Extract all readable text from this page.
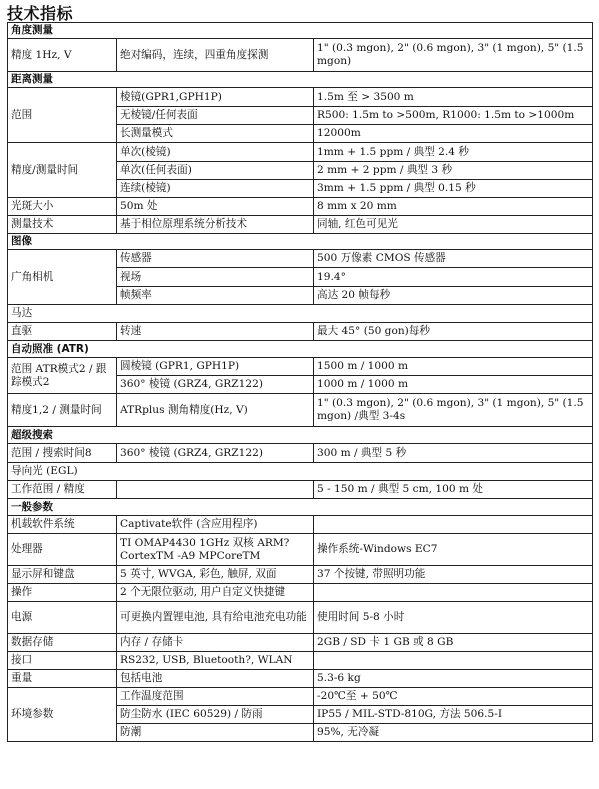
技术指标
角度测量		
精度 1Hz, V	绝对编码，连续，四重角度探测	1" (0.3 mgon), 2" (0.6 mgon), 3" (1 mgon), 5" (1.5 mgon)
距离测量		
范围	棱镜(GPR1,GPH1P)	1.5m 至 > 3500 m
	无棱镜/任何表面	R500: 1.5m to >500m, R1000: 1.5m to >1000m
	长测量模式	12000m
精度/测量时间	单次(棱镜)	1mm + 1.5 ppm / 典型 2.4 秒
	单次(任何表面)	2 mm + 2 ppm / 典型 3 秒
	连续(棱镜)	3mm + 1.5 ppm / 典型 0.15 秒
光斑大小	50m 处	8 mm x 20 mm
测量技术	基于相位原理系统分析技术	同轴, 红色可见光
图像		
广角相机	传感器	500 万像素 CMOS 传感器
	视场	19.4°
	帧频率	高达 20 帧每秒
马达		
直驱	转速	最大 45° (50 gon)每秒
自动照准 (ATR)		
范围 ATR模式2 / 跟踪模式2	圆棱镜 (GPR1, GPH1P)	1500 m / 1000 m
	360° 棱镜 (GRZ4, GRZ122)	1000 m / 1000 m
精度1,2 / 测量时间	ATRplus 测角精度(Hz, V)	1" (0.3 mgon), 2" (0.6 mgon), 3" (1 mgon), 5" (1.5 mgon) /典型 3-4s
超级搜索		
范围 / 搜索时间8	360° 棱镜 (GRZ4, GRZ122)	300 m / 典型 5 秒
导向光 (EGL)		
工作范围 / 精度		5 - 150 m / 典型 5 cm, 100 m 处
一般参数		
机载软件系统	Captivate软件 (含应用程序)	
处理器	TI OMAP4430 1GHz 双核 ARM? CortexTM -A9 MPCoreTM	操作系统-Windows EC7
显示屏和键盘	5 英寸, WVGA, 彩色, 触屏, 双面	37 个按键, 带照明功能
操作	2 个无限位驱动, 用户自定义快捷键	
电源	可更换内置锂电池, 具有给电池充电功能	使用时间 5-8 小时
数据存储	内存 / 存储卡	2GB / SD 卡 1 GB 或 8 GB
接口	RS232, USB, Bluetooth?, WLAN	
重量	包括电池	5.3-6 kg
环境参数	工作温度范围	-20℃至 + 50℃
	防尘防水 (IEC 60529) / 防雨	IP55 / MIL-STD-810G, 方法 506.5-I
	防潮	95%, 无冷凝
